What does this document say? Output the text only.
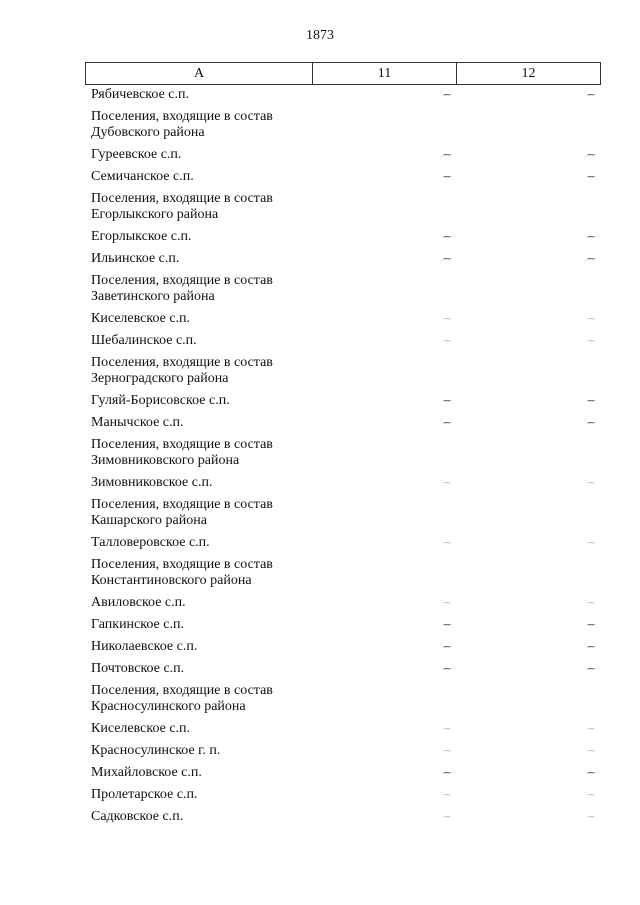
1873
А	11	12
Рябичевское с.п.	–	–
Поселения, входящие в состав
Дубовского района
Гуреевское с.п.	–	–
Семичанское с.п.	–	–
Поселения, входящие в состав
Егорлыкского района
Егорлыкское с.п.	–	–
Ильинское с.п.	–	–
Поселения, входящие в состав
Заветинского района
Киселевское с.п.	–	–
Шебалинское с.п.	–	–
Поселения, входящие в состав
Зерноградского района
Гуляй-Борисовское с.п.	–	–
Манычское с.п.	–	–
Поселения, входящие в состав
Зимовниковского района
Зимовниковское с.п.	–	–
Поселения, входящие в состав
Кашарского района
Талловеровское с.п.	–	–
Поселения, входящие в состав
Константиновского района
Авиловское с.п.	–	–
Гапкинское с.п.	–	–
Николаевское с.п.	–	–
Почтовское с.п.	–	–
Поселения, входящие в состав
Красносулинского района
Киселевское с.п.	–	–
Красносулинское г. п.	–	–
Михайловское с.п.	–	–
Пролетарское с.п.	–	–
Садковское с.п.	–	–
